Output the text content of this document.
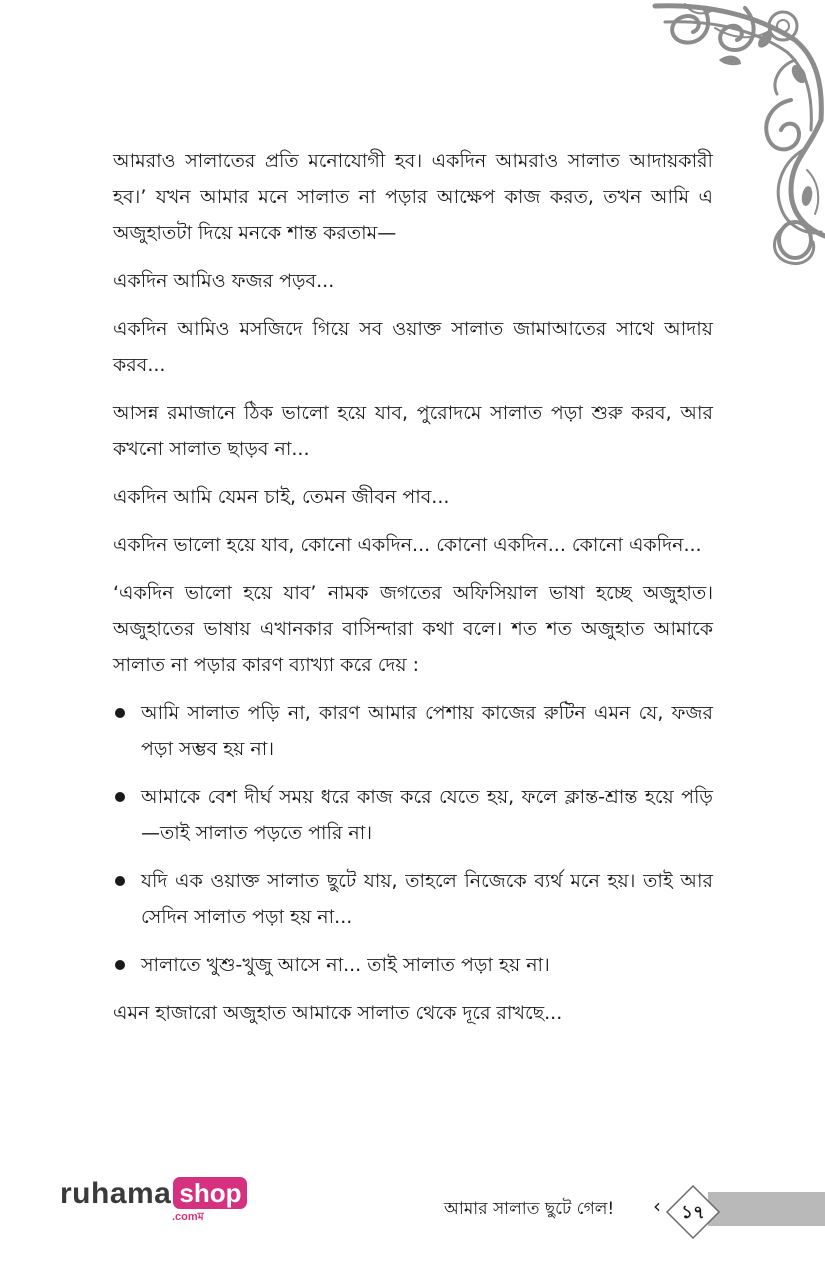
আমরাও সালাতের প্রতি মনোযোগী হব। একদিন আমরাও সালাত আদায়কারী হব।’ যখন আমার মনে সালাত না পড়ার আক্ষেপ কাজ করত, তখন আমি এ অজুহাতটা দিয়ে মনকে শান্ত করতাম—

একদিন আমিও ফজর পড়ব...

একদিন আমিও মসজিদে গিয়ে সব ওয়াক্ত সালাত জামাআতের সাথে আদায় করব...

আসন্ন রমাজানে ঠিক ভালো হয়ে যাব, পুরোদমে সালাত পড়া শুরু করব, আর কখনো সালাত ছাড়ব না...

একদিন আমি যেমন চাই, তেমন জীবন পাব...

একদিন ভালো হয়ে যাব, কোনো একদিন... কোনো একদিন... কোনো একদিন...

‘একদিন ভালো হয়ে যাব’ নামক জগতের অফিসিয়াল ভাষা হচ্ছে অজুহাত। অজুহাতের ভাষায় এখানকার বাসিন্দারা কথা বলে। শত শত অজুহাত আমাকে সালাত না পড়ার কারণ ব্যাখ্যা করে দেয় :

আমি সালাত পড়ি না, কারণ আমার পেশায় কাজের রুটিন এমন যে, ফজর পড়া সম্ভব হয় না।
আমাকে বেশ দীর্ঘ সময় ধরে কাজ করে যেতে হয়, ফলে ক্লান্ত-শ্রান্ত হয়ে পড়ি—তাই সালাত পড়তে পারি না।
যদি এক ওয়াক্ত সালাত ছুটে যায়, তাহলে নিজেকে ব্যর্থ মনে হয়। তাই আর সেদিন সালাত পড়া হয় না...
সালাতে খুশু-খুজু আসে না... তাই সালাত পড়া হয় না।

এমন হাজারো অজুহাত আমাকে সালাত থেকে দূরে রাখছে...

ruhama shop
.comম	আমার সালাত ছুটে গেল! ‹	১৭
